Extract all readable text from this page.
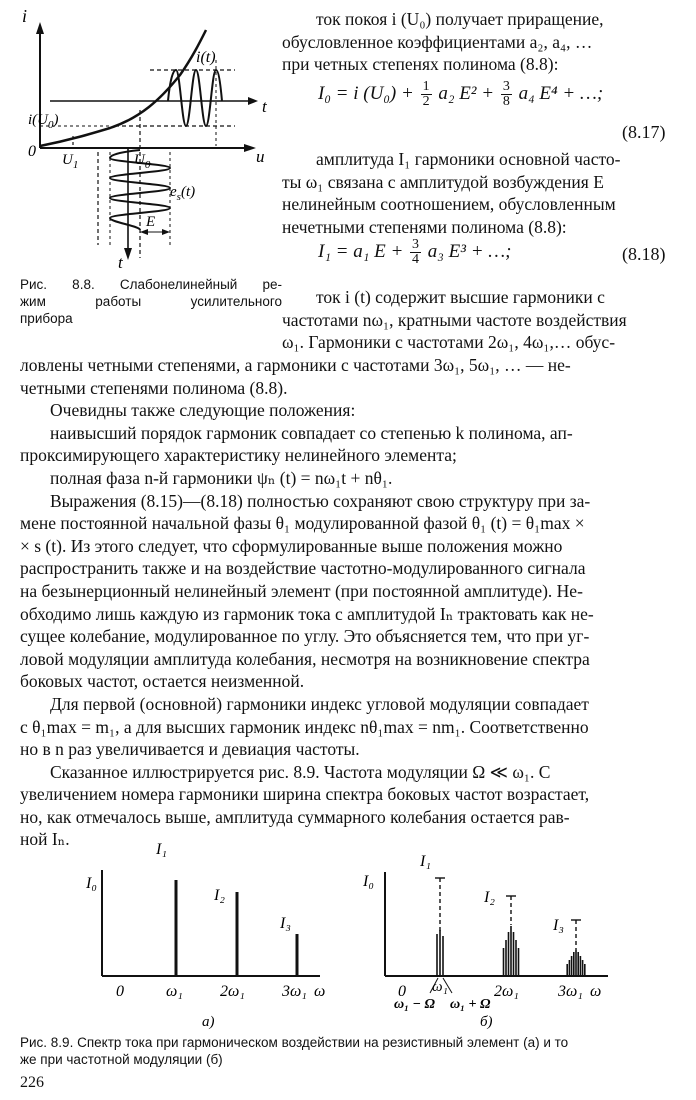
i
i(t)
t
$i(U_0)$
0 $U_1$	$U_0$	u
$e_s(t)$
E
t
Рис. 8.8. Слабонелинейный ре-
жим работы усилительного
прибора
ток покоя i (U₀) получает приращение,
обусловленное коэффициентами a₂, a₄, …
при четных степенях полинома (8.8):
I₀ = i $(U_0) + \frac{1}{2} a_2$ $E^2 + \frac{3}{8} a_4$ E⁴ + …;
(8.17)
амплитуда I₁ гармоники основной часто-
ты ω₁ связана с амплитудой возбуждения E
нелинейным соотношением, обусловленным
нечетными степенями полинома (8.8):
I₁ = a₁ $E + \frac{3}{4} a_3$ E³ + …;	(8.18)
ток i (t) содержит высшие гармоники с
частотами nω₁, кратными частоте воздействия
ω₁. Гармоники с частотами 2ω₁, 4ω₁,… обус-
ловлены четными степенями, а гармоники с частотами 3ω₁, 5ω₁, … — не-
четными степенями полинома (8.8).
Очевидны также следующие положения:
наивысший порядок гармоник совпадает со степенью k полинома, ап-
проксимирующего характеристику нелинейного элемента;
полная фаза n-й гармоники ψₙ (t) = nω₁t + nθ₁.
Выражения (8.15)—(8.18) полностью сохраняют свою структуру при за-
мене постоянной начальной фазы θ₁ модулированной фазой θ₁ (t) = θ₁max ×
× s (t). Из этого следует, что сформулированные выше положения можно
распространить также и на воздействие частотно-модулированного сигнала
на безынерционный нелинейный элемент (при постоянной амплитуде). Не-
обходимо лишь каждую из гармоник тока с амплитудой Iₙ трактовать как не-
сущее колебание, модулированное по углу. Это объясняется тем, что при уг-
ловой модуляции амплитуда колебания, несмотря на возникновение спектра
боковых частот, остается неизменной.
Для первой (основной) гармоники индекс угловой модуляции совпадает
с θ₁max = m₁, а для высших гармоник индекс nθ₁max = nm₁. Соответственно
но в n раз увеличивается и девиация частоты.
Сказанное иллюстрируется рис. 8.9. Частота модуляции Ω ≪ ω₁. С
увеличением номера гармоники ширина спектра боковых частот возрастает,
но, как отмечалось выше, амплитуда суммарного колебания остается рав-
ной Iₙ.
I₀
I₁
I₂
I₃
0	ω₁ 2ω₁ 3ω₁ ω
а)
I₀
I₁
I₂
I₃
0 ω₁	2ω₁ 3ω₁ ω
ω₁ − Ω ω₁ + Ω
б)
Рис. 8.9. Спектр тока при гармоническом воздействии на резистивный элемент (а) и то
же при частотной модуляции (б)
226
